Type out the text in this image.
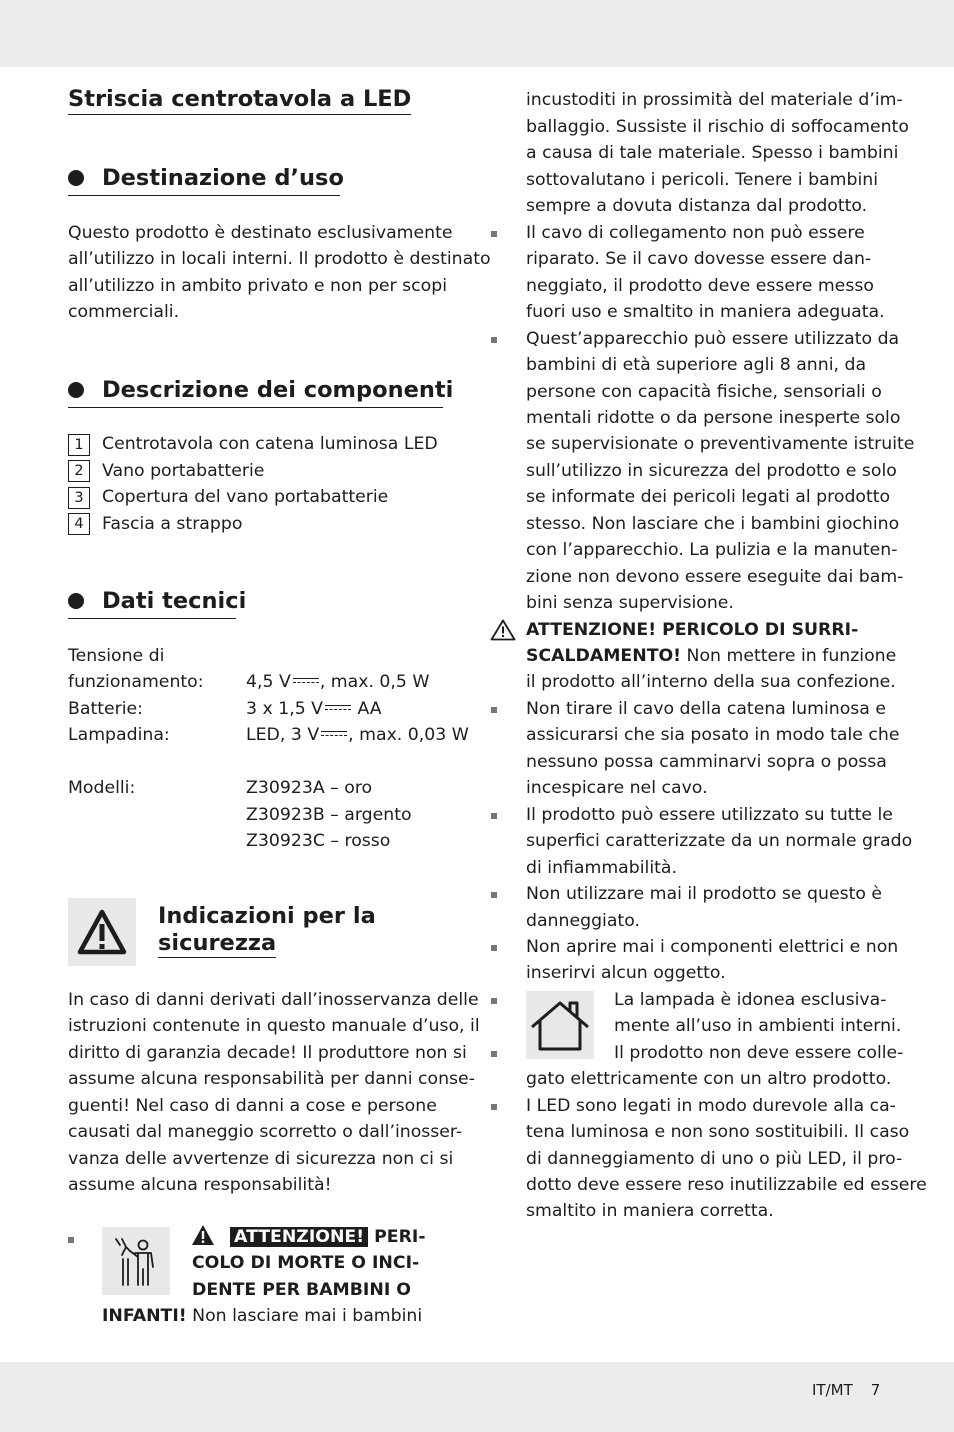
IT/MT 7
Striscia centrotavola a LED
Destinazione d’uso
Questo prodotto è destinato esclusivamente
all’utilizzo in locali interni. Il prodotto è destinato
all’utilizzo in ambito privato e non per scopi
commerciali.
Descrizione dei componenti
1	Centrotavola con catena luminosa LED
2	Vano portabatterie
3	Copertura del vano portabatterie
4	Fascia a strappo
Dati tecnici
Tensione di
funzionamento: 4,5 V , max. 0,5 W
Batterie:	3 x 1,5 V AA
Lampadina:	LED, 3 V , max. 0,03 W
Modelli:	Z30923A – oro
Z30923B – argento
Z30923C – rosso
Indicazioni per la
sicurezza
In caso di danni derivati dall’inosservanza delle
istruzioni contenute in questo manuale d’uso, il
diritto di garanzia decade! Il produttore non si
assume alcuna responsabilità per danni conse-
guenti! Nel caso di danni a cose e persone
causati dal maneggio scorretto o dall’inosser-
vanza delle avvertenze di sicurezza non ci si
assume alcuna responsabilità!
ATTENZIONE! PERI-
COLO DI MORTE O INCI-
DENTE PER BAMBINI O
INFANTI! Non lasciare mai i bambini
incustoditi in prossimità del materiale d’im-
ballaggio. Sussiste il rischio di soffocamento
a causa di tale materiale. Spesso i bambini
sottovalutano i pericoli. Tenere i bambini
sempre a dovuta distanza dal prodotto.
Il cavo di collegamento non può essere
riparato. Se il cavo dovesse essere dan-
neggiato, il prodotto deve essere messo
fuori uso e smaltito in maniera adeguata.
Quest’apparecchio può essere utilizzato da
bambini di età superiore agli 8 anni, da
persone con capacità fisiche, sensoriali o
mentali ridotte o da persone inesperte solo
se supervisionate o preventivamente istruite
sull’utilizzo in sicurezza del prodotto e solo
se informate dei pericoli legati al prodotto
stesso. Non lasciare che i bambini giochino
con l’apparecchio. La pulizia e la manuten-
zione non devono essere eseguite dai bam-
bini senza supervisione.
ATTENZIONE! PERICOLO DI SURRI-
SCALDAMENTO! Non mettere in funzione
il prodotto all’interno della sua confezione.
Non tirare il cavo della catena luminosa e
assicurarsi che sia posato in modo tale che
nessuno possa camminarvi sopra o possa
incespicare nel cavo.
Il prodotto può essere utilizzato su tutte le
superfici caratterizzate da un normale grado
di infiammabilità.
Non utilizzare mai il prodotto se questo è
danneggiato.
Non aprire mai i componenti elettrici e non
inserirvi alcun oggetto.
La lampada è idonea esclusiva-
mente all’uso in ambienti interni.
Il prodotto non deve essere colle-
gato elettricamente con un altro prodotto.
I LED sono legati in modo durevole alla ca-
tena luminosa e non sono sostituibili. Il caso
di danneggiamento di uno o più LED, il pro-
dotto deve essere reso inutilizzabile ed essere
smaltito in maniera corretta.
